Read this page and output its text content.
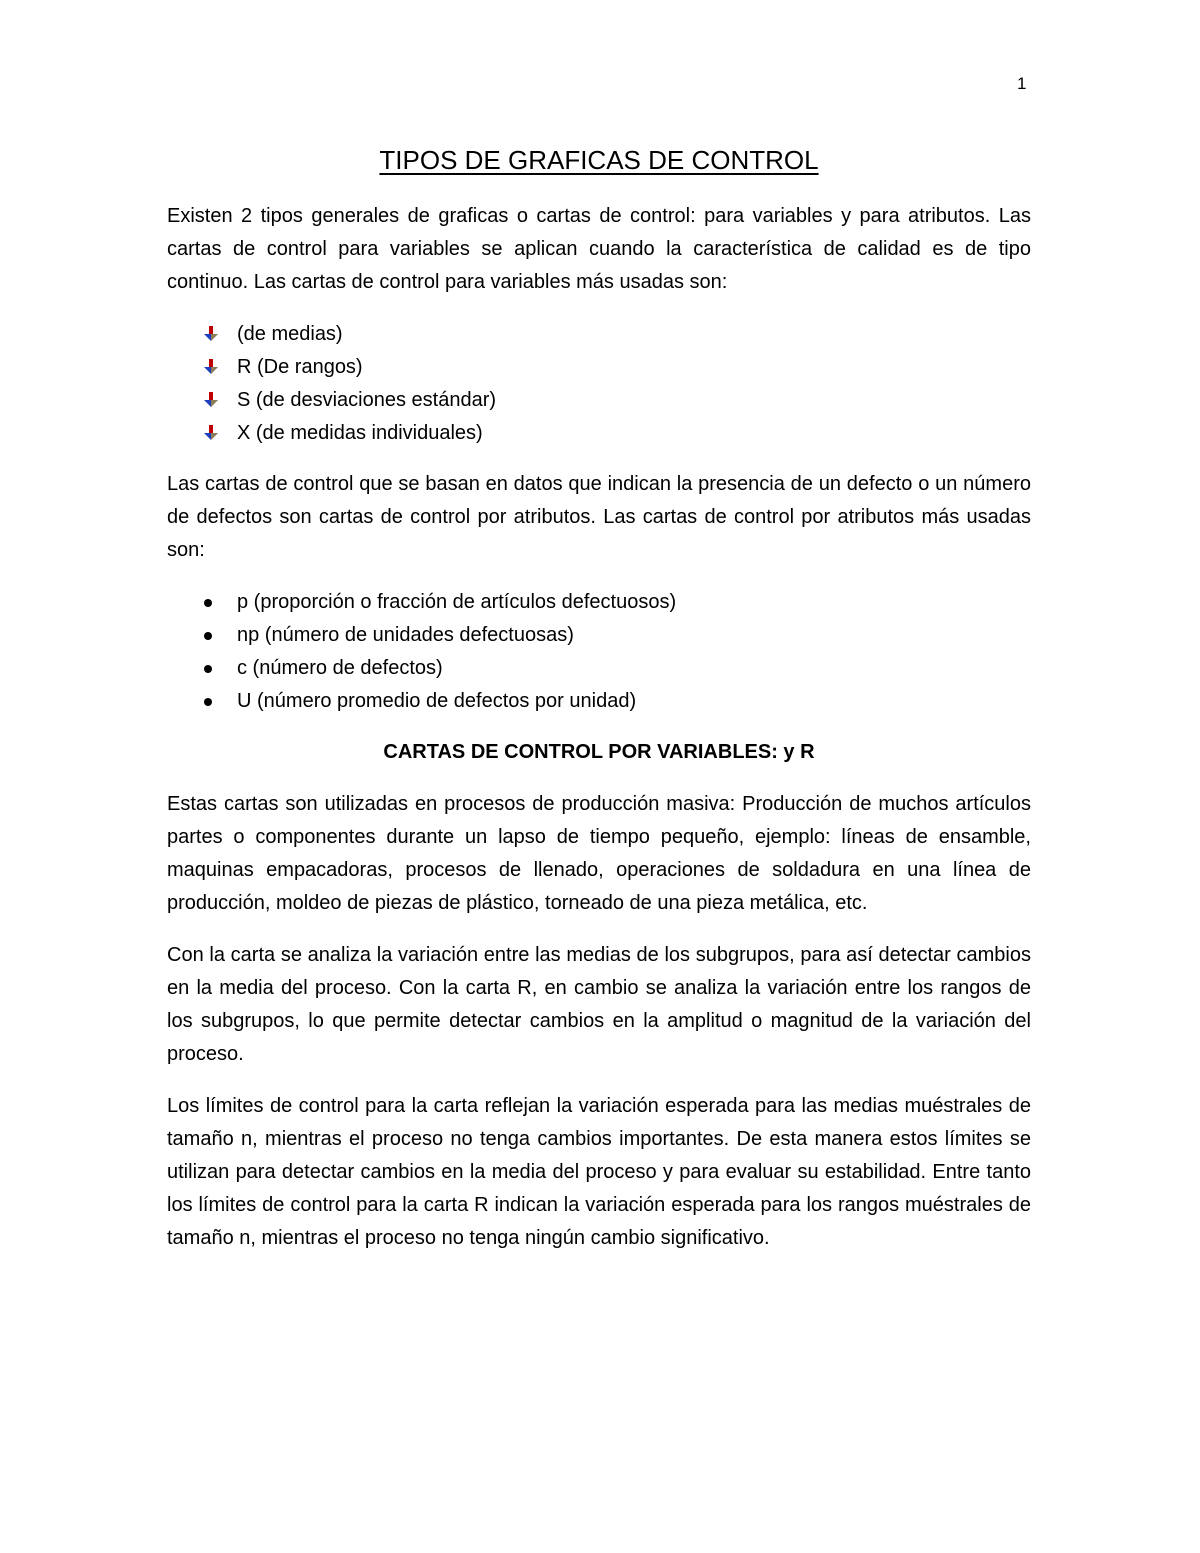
1
TIPOS DE GRAFICAS DE CONTROL

Existen 2 tipos generales de graficas o cartas de control: para variables y para atributos. Las cartas de control para variables se aplican cuando la característica de calidad es de tipo continuo. Las cartas de control para variables más usadas son:

(de medias)
R (De rangos)
S (de desviaciones estándar)
X (de medidas individuales)

Las cartas de control que se basan en datos que indican la presencia de un defecto o un número de defectos son cartas de control por atributos. Las cartas de control por atributos más usadas son:

p (proporción o fracción de artículos defectuosos)
np (número de unidades defectuosas)
c (número de defectos)
U (número promedio de defectos por unidad)
CARTAS DE CONTROL POR VARIABLES: y R

Estas cartas son utilizadas en procesos de producción masiva: Producción de muchos artículos partes o componentes durante un lapso de tiempo pequeño, ejemplo: líneas de ensamble, maquinas empacadoras, procesos de llenado, operaciones de soldadura en una línea de producción, moldeo de piezas de plástico, torneado de una pieza metálica, etc.

Con la carta se analiza la variación entre las medias de los subgrupos, para así detectar cambios en la media del proceso. Con la carta R, en cambio se analiza la variación entre los rangos de los subgrupos, lo que permite detectar cambios en la amplitud o magnitud de la variación del proceso.

Los límites de control para la carta reflejan la variación esperada para las medias muéstrales de tamaño n, mientras el proceso no tenga cambios importantes. De esta manera estos límites se utilizan para detectar cambios en la media del proceso y para evaluar su estabilidad. Entre tanto los límites de control para la carta R indican la variación esperada para los rangos muéstrales de tamaño n, mientras el proceso no tenga ningún cambio significativo.
